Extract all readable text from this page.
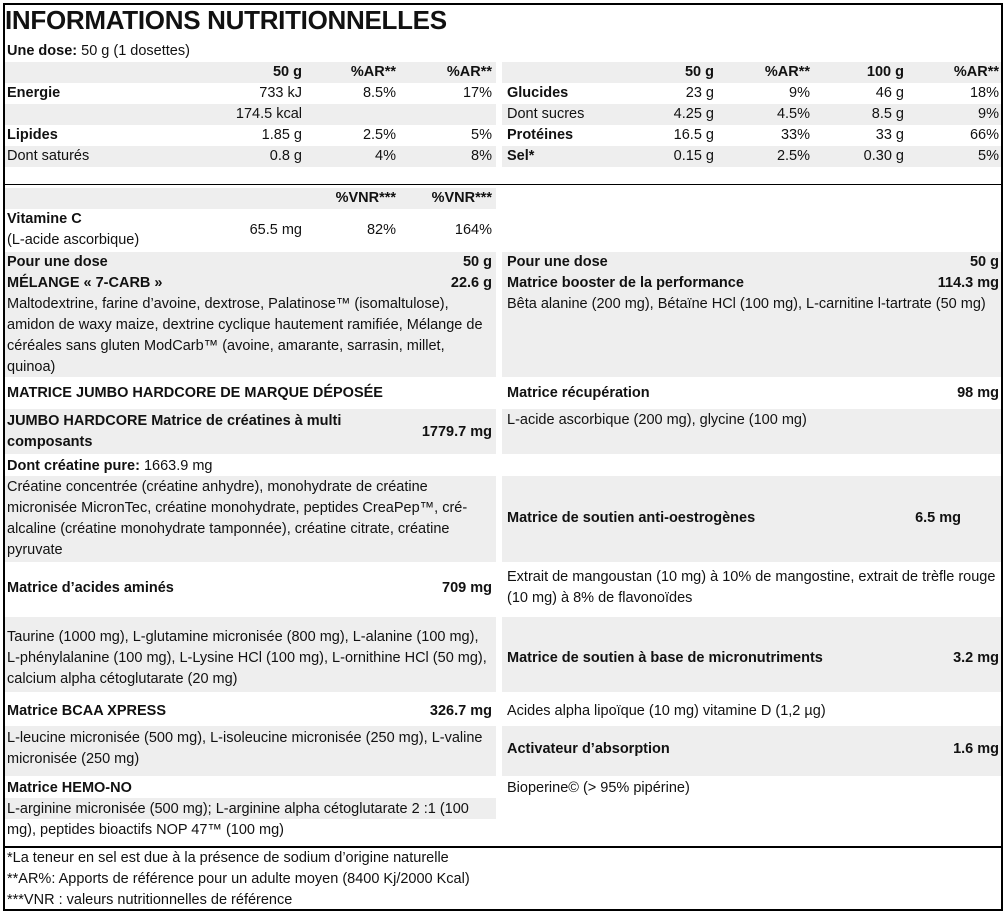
INFORMATIONS NUTRITIONNELLES
Une dose: 50 g (1 dosettes)
50 g	%AR**	%AR**
Energie	733 kJ	8.5%	17%
174.5 kcal
Lipides	1.85 g	2.5%	5%
Dont saturés	0.8 g	4%	8%
50 g	%AR**	100 g	%AR**
Glucides	23 g	9%	46 g	18%
Dont sucres	4.25 g	4.5%	8.5 g	9%
Protéines	16.5 g	33%	33 g	66%
Sel*	0.15 g	2.5%	0.30 g	5%
%VNR***	%VNR***
Vitamine C
(L-acide ascorbique)
65.5 mg	82%	164%
Pour une dose	50 g
MÉLANGE « 7-CARB »	22.6 g
Maltodextrine, farine d’avoine, dextrose, Palatinose™ (isomaltulose), amidon de waxy maize, dextrine cyclique hautement ramifiée, Mélange de céréales sans gluten ModCarb™ (avoine, amarante, sarrasin, millet, quinoa)
MATRICE JUMBO HARDCORE DE MARQUE DÉPOSÉE
JUMBO HARDCORE Matrice de créatines à multi composants
1779.7 mg
Dont créatine pure: 1663.9 mg
Créatine concentrée (créatine anhydre), monohydrate de créatine micronisée MicronTec, créatine monohydrate, peptides CreaPep™, cré-alcaline (créatine monohydrate tamponnée), créatine citrate, créatine pyruvate
Matrice d’acides aminés	709 mg
Taurine (1000 mg), L-glutamine micronisée (800 mg), L-alanine (100 mg), L-phénylalanine (100 mg), L-Lysine HCl (100 mg), L-ornithine HCl (50 mg), calcium alpha cétoglutarate (20 mg)
Matrice BCAA XPRESS	326.7 mg
L-leucine micronisée (500 mg), L-isoleucine micronisée (250 mg), L-valine micronisée (250 mg)
Matrice HEMO-NO
L-arginine micronisée (500 mg); L-arginine alpha cétoglutarate 2 :1 (100 mg), peptides bioactifs NOP 47™ (100 mg)
Pour une dose	50 g
Matrice booster de la performance	114.3 mg
Bêta alanine (200 mg), Bétaïne HCl (100 mg), L-carnitine l-tartrate (50 mg)
Matrice récupération	98 mg
L-acide ascorbique (200 mg), glycine (100 mg)
Matrice de soutien anti-oestrogènes	6.5 mg
Extrait de mangoustan (10 mg) à 10% de mangostine, extrait de trèfle rouge (10 mg) à 8% de flavonoïdes
Matrice de soutien à base de micronutriments	3.2 mg
Acides alpha lipoïque (10 mg) vitamine D (1,2 µg)
Activateur d’absorption	1.6 mg
Bioperine© (> 95% pipérine)
*La teneur en sel est due à la présence de sodium d’origine naturelle
**AR%: Apports de référence pour un adulte moyen (8400 Kj/2000 Kcal)
***VNR : valeurs nutritionnelles de référence
